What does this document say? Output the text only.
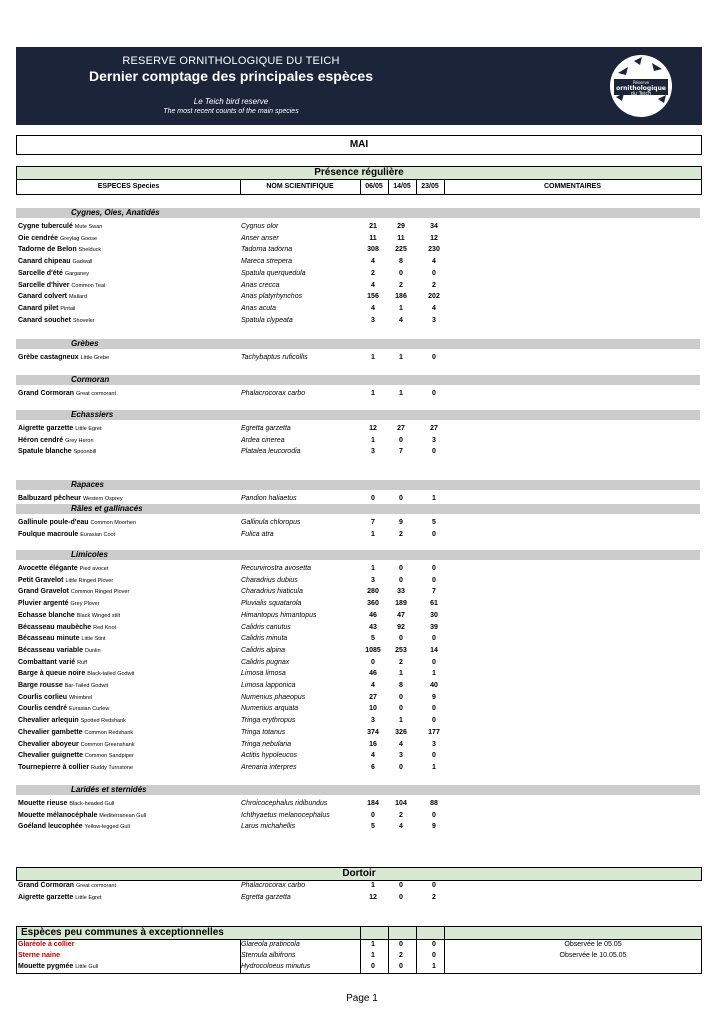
RESERVE ORNITHOLOGIQUE DU TEICH
Dernier comptage des principales espèces
Le Teich bird reserve
The most recent counts of the main species
Réserve
ornithologique
du Teich
MAI
Présence régulière
ESPECES Species	NOM SCIENTIFIQUE	06/05	14/05	23/05	COMMENTAIRES
Cygnes, Oies, Anatidés
Cygne tuberculé Mute Swan	Cygnus olor	21	29	34
Oie cendrée Greylag Goose	Anser anser	11	11	12
Tadorne de Belon Shelduck	Tadorna tadorna	308	225	230
Canard chipeau Gadwall	Mareca strepera	4	8	4
Sarcelle d'été Garganey	Spatula querquedula	2	0	0
Sarcelle d'hiver Common Teal	Anas crecca	4	2	2
Canard colvert Mallard	Anas platyrhynchos	156	186	202
Canard pilet Pintail	Anas acuta	4	1	4
Canard souchet Shoveler	Spatula clypeata	3	4	3
Grèbes
Grèbe castagneux Little Grebe	Tachybaptus ruficollis	1	1	0
Cormoran
Grand Cormoran Great cormorant	Phalacrocorax carbo	1	1	0
Echassiers
Aigrette garzette Little Egret	Egretta garzetta	12	27	27
Héron cendré Grey Heron	Ardea cinerea	1	0	3
Spatule blanche Spoonbill	Platalea leucorodia	3	7	0
Rapaces
Balbuzard pêcheur Western Osprey	Pandion haliaetus	0	0	1
Râles et gallinacés
Gallinule poule-d'eau Common Moorhen	Gallinula chloropus	7	9	5
Foulque macroule Eurasian Coot	Fulica atra	1	2	0
Limicoles
Avocette élégante Pied avocet	Recurvirostra avosetta	1	0	0
Petit Gravelot Little Ringed Plover	Charadrius dubius	3	0	0
Grand Gravelot Common Ringed Plover	Charadrius hiaticula	280	33	7
Pluvier argenté Grey Plover	Pluvialis squatarola	360	189	61
Echasse blanche Black Winged stilt	Himantopus himantopus	46	47	30
Bécasseau maubèche Red Knot	Calidris canutus	43	92	39
Bécasseau minute Little Stint	Calidris minuta	5	0	0
Bécasseau variable Dunlin	Calidris alpina	1085	253	14
Combattant varié Ruff	Calidris pugnax	0	2	0
Barge à queue noire Black-tailed Godwit	Limosa limosa	46	1	1
Barge rousse Bar-Tailed Godwit	Limosa lapponica	4	8	40
Courlis corlieu Whimbrel	Numenius phaeopus	27	0	9
Courlis cendré Eurasian Curlew	Numenius arquata	10	0	0
Chevalier arlequin Spotted Redshank	Tringa erythropus	3	1	0
Chevalier gambette Common Redshank	Tringa totanus	374	326	177
Chevalier aboyeur Common Greenshank	Tringa nebularia	16	4	3
Chevalier guignette Common Sandpiper	Actitis hypoleucos	4	3	0
Tournepierre à collier Ruddy Turnstone	Arenaria interpres	6	0	1
Laridés et sternidés
Mouette rieuse Black-headed Gull	Chroicocephalus ridibundus	184	104	88
Mouette mélanocéphale Mediterranean Gull	Ichthyaetus melanocephalus	0	2	0
Goéland leucophée Yellow-legged Gull	Larus michahellis	5	4	9
Dortoir
Grand Cormoran Great cormorant	Phalacrocorax carbo	1	0	0
Aigrette garzette Little Egret	Egretta garzetta	12	0	2
Espèces peu communes à exceptionnelles
Glaréole à collier	Glareola pratincola	1	0	0	Observée le 05.05
Sterne naine	Sternula albifrons	1	2	0	Observée le 10.05.05
Mouette pygmée Little Gull	Hydrocoloeus minutus	0	0	1
Page 1
